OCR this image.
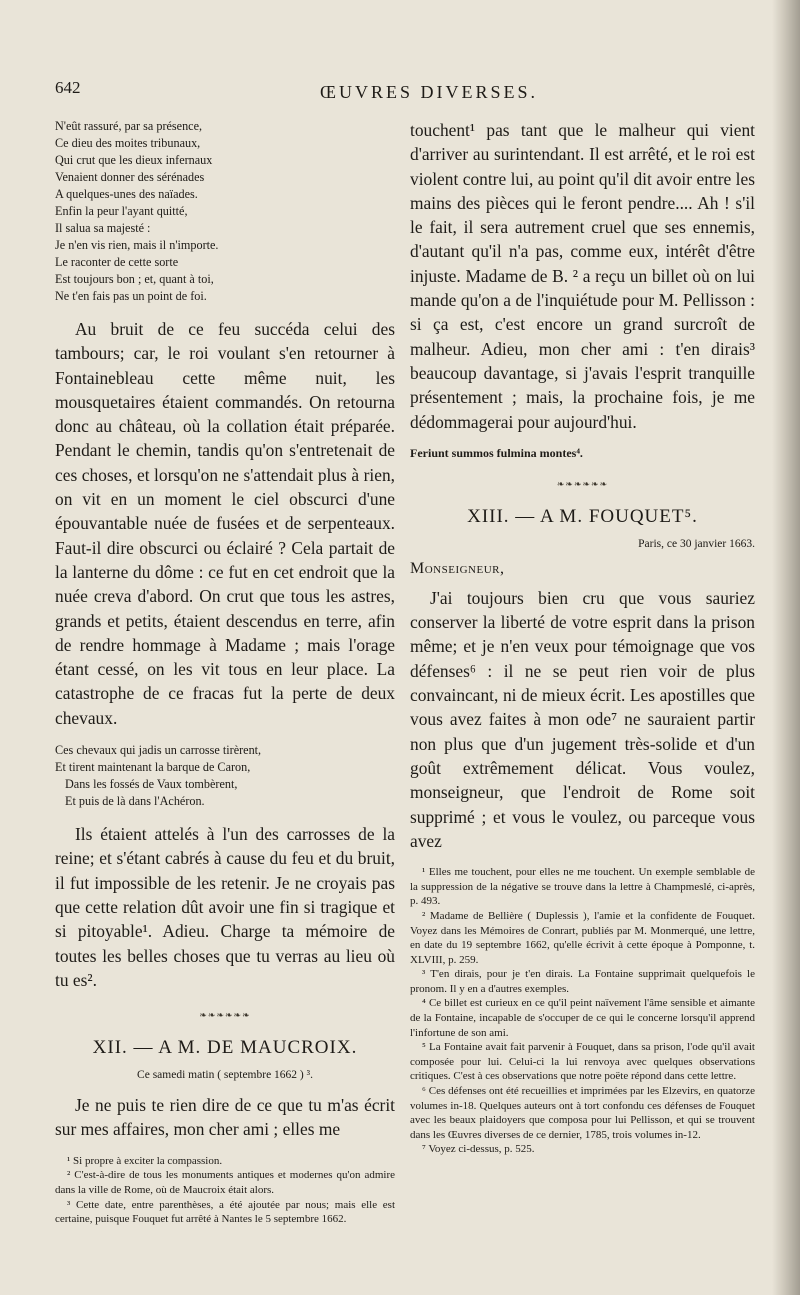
642	ŒUVRES DIVERSES.
N'eût rassuré, par sa présence,
Ce dieu des moites tribunaux,
Qui crut que les dieux infernaux
Venaient donner des sérénades
A quelques-unes des naïades.
Enfin la peur l'ayant quitté,
Il salua sa majesté :
Je n'en vis rien, mais il n'importe.
Le raconter de cette sorte
Est toujours bon ; et, quant à toi,
Ne t'en fais pas un point de foi.

Au bruit de ce feu succéda celui des tambours; car, le roi voulant s'en retourner à Fontainebleau cette même nuit, les mousquetaires étaient commandés. On retourna donc au château, où la collation était préparée. Pendant le chemin, tandis qu'on s'entretenait de ces choses, et lorsqu'on ne s'attendait plus à rien, on vit en un moment le ciel obscurci d'une épouvantable nuée de fusées et de serpenteaux. Faut-il dire obscurci ou éclairé ? Cela partait de la lanterne du dôme : ce fut en cet endroit que la nuée creva d'abord. On crut que tous les astres, grands et petits, étaient descendus en terre, afin de rendre hommage à Madame ; mais l'orage étant cessé, on les vit tous en leur place. La catastrophe de ce fracas fut la perte de deux chevaux.

Ces chevaux qui jadis un carrosse tirèrent,
Et tirent maintenant la barque de Caron,
Dans les fossés de Vaux tombèrent,
Et puis de là dans l'Achéron.

Ils étaient attelés à l'un des carrosses de la reine; et s'étant cabrés à cause du feu et du bruit, il fut impossible de les retenir. Je ne croyais pas que cette relation dût avoir une fin si tragique et si pitoyable¹. Adieu. Charge ta mémoire de toutes les belles choses que tu verras au lieu où tu es².

❧❧❧❧❧❧
XII. — A M. DE MAUCROIX.
Ce samedi matin ( septembre 1662 ) ³.

Je ne puis te rien dire de ce que tu m'as écrit sur mes affaires, mon cher ami ; elles me

¹ Si propre à exciter la compassion.

² C'est-à-dire de tous les monuments antiques et modernes qu'on admire dans la ville de Rome, où de Maucroix était alors.

³ Cette date, entre parenthèses, a été ajoutée par nous; mais elle est certaine, puisque Fouquet fut arrêté à Nantes le 5 septembre 1662.

touchent¹ pas tant que le malheur qui vient d'arriver au surintendant. Il est arrêté, et le roi est violent contre lui, au point qu'il dit avoir entre les mains des pièces qui le feront pendre.... Ah ! s'il le fait, il sera autrement cruel que ses ennemis, d'autant qu'il n'a pas, comme eux, intérêt d'être injuste. Madame de B. ² a reçu un billet où on lui mande qu'on a de l'inquiétude pour M. Pellisson : si ça est, c'est encore un grand surcroît de malheur. Adieu, mon cher ami : t'en dirais³ beaucoup davantage, si j'avais l'esprit tranquille présentement ; mais, la prochaine fois, je me dédommagerai pour aujourd'hui.

Feriunt summos fulmina montes⁴.
❧❧❧❧❧❧
XIII. — A M. FOUQUET⁵.
Paris, ce 30 janvier 1663.
Monseigneur,

J'ai toujours bien cru que vous sauriez conserver la liberté de votre esprit dans la prison même; et je n'en veux pour témoignage que vos défenses⁶ : il ne se peut rien voir de plus convaincant, ni de mieux écrit. Les apostilles que vous avez faites à mon ode⁷ ne sauraient partir non plus que d'un jugement très-solide et d'un goût extrêmement délicat. Vous voulez, monseigneur, que l'endroit de Rome soit supprimé ; et vous le voulez, ou parceque vous avez

¹ Elles me touchent, pour elles ne me touchent. Un exemple semblable de la suppression de la négative se trouve dans la lettre à Champmeslé, ci-après, p. 493.

² Madame de Bellière ( Duplessis ), l'amie et la confidente de Fouquet. Voyez dans les Mémoires de Conrart, publiés par M. Monmerqué, une lettre, en date du 19 septembre 1662, qu'elle écrivit à cette époque à Pomponne, t. XLVIII, p. 259.

³ T'en dirais, pour je t'en dirais. La Fontaine supprimait quelquefois le pronom. Il y en a d'autres exemples.

⁴ Ce billet est curieux en ce qu'il peint naïvement l'âme sensible et aimante de la Fontaine, incapable de s'occuper de ce qui le concerne lorsqu'il apprend l'infortune de son ami.

⁵ La Fontaine avait fait parvenir à Fouquet, dans sa prison, l'ode qu'il avait composée pour lui. Celui-ci la lui renvoya avec quelques observations critiques. C'est à ces observations que notre poëte répond dans cette lettre.

⁶ Ces défenses ont été recueillies et imprimées par les Elzevirs, en quatorze volumes in-18. Quelques auteurs ont à tort confondu ces défenses de Fouquet avec les beaux plaidoyers que composa pour lui Pellisson, et qui se trouvent dans les Œuvres diverses de ce dernier, 1785, trois volumes in-12.

⁷ Voyez ci-dessus, p. 525.
